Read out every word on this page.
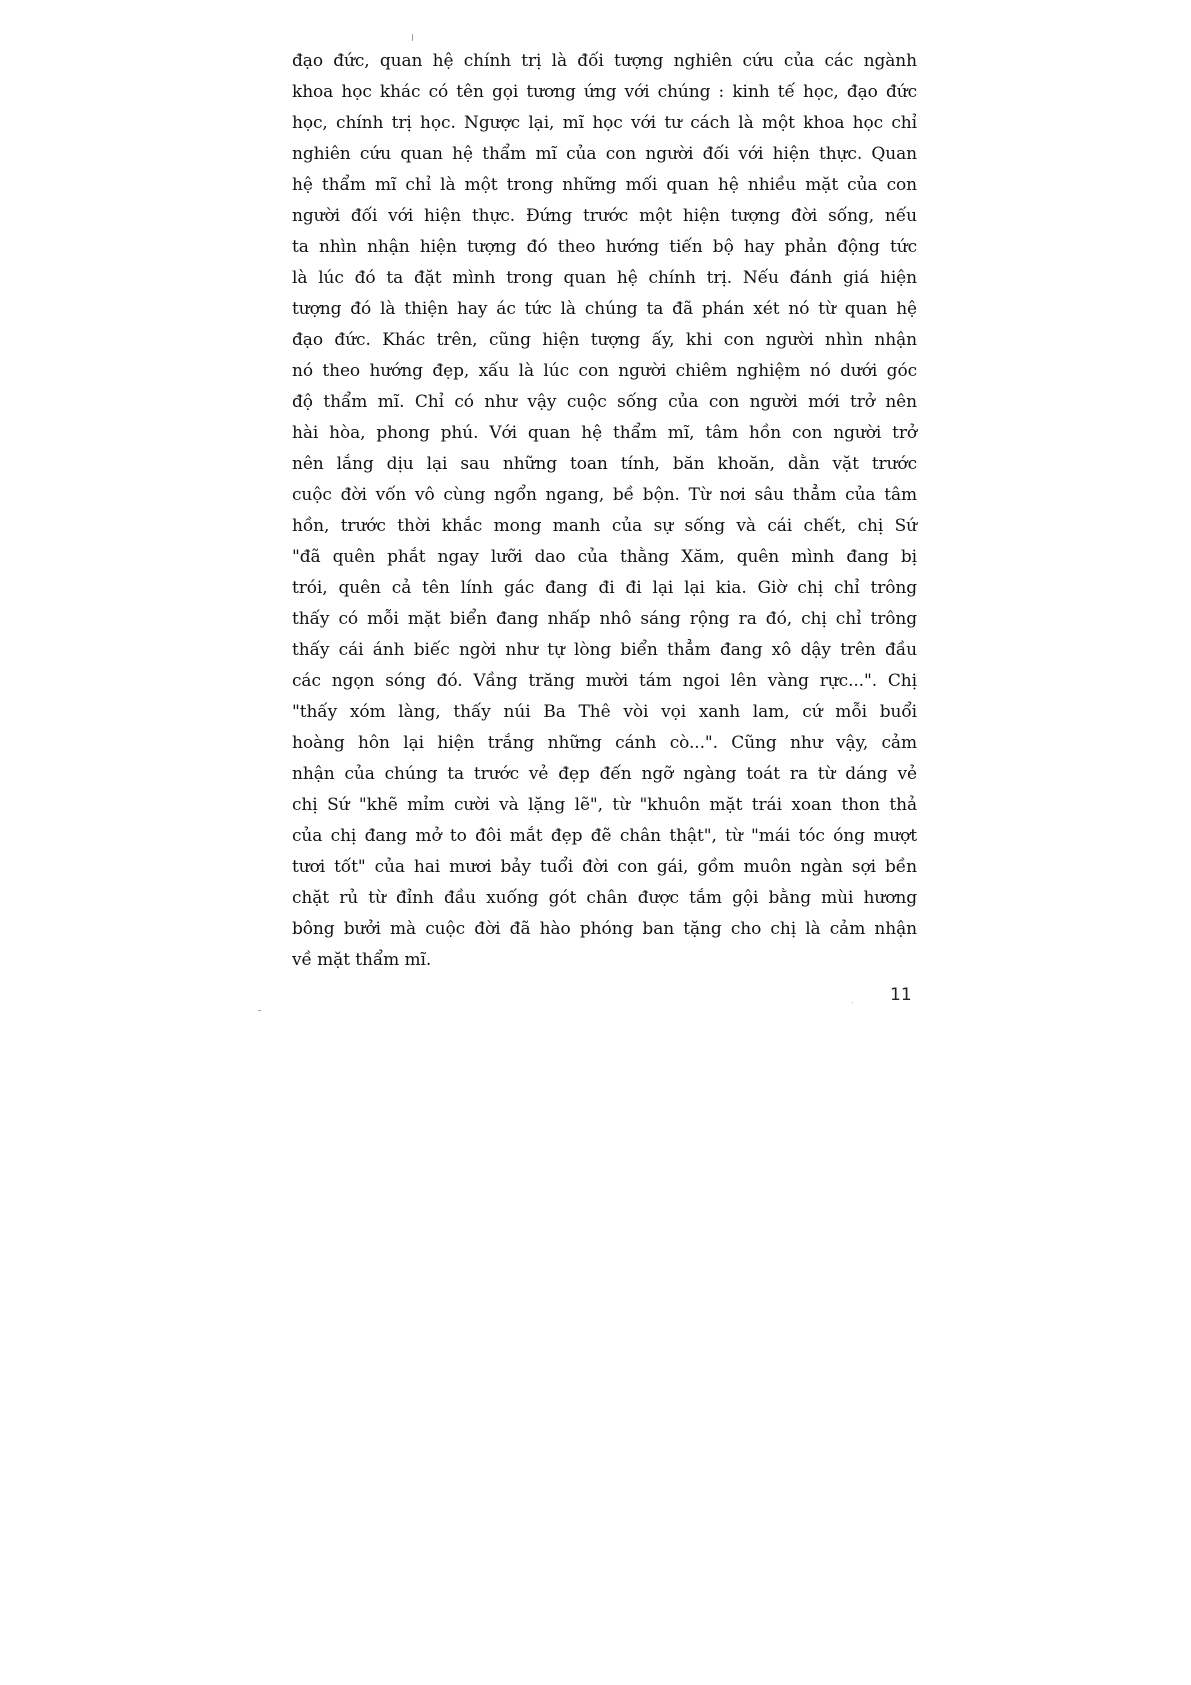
đạo đức, quan hệ chính trị là đối tượng nghiên cứu của các ngành
khoa học khác có tên gọi tương ứng với chúng : kinh tế học, đạo đức
học, chính trị học. Ngược lại, mĩ học với tư cách là một khoa học chỉ
nghiên cứu quan hệ thẩm mĩ của con người đối với hiện thực. Quan
hệ thẩm mĩ chỉ là một trong những mối quan hệ nhiều mặt của con
người đối với hiện thực. Đứng trước một hiện tượng đời sống, nếu
ta nhìn nhận hiện tượng đó theo hướng tiến bộ hay phản động tức
là lúc đó ta đặt mình trong quan hệ chính trị. Nếu đánh giá hiện
tượng đó là thiện hay ác tức là chúng ta đã phán xét nó từ quan hệ
đạo đức. Khác trên, cũng hiện tượng ấy, khi con người nhìn nhận
nó theo hướng đẹp, xấu là lúc con người chiêm nghiệm nó dưới góc
độ thẩm mĩ. Chỉ có như vậy cuộc sống của con người mới trở nên
hài hòa, phong phú. Với quan hệ thẩm mĩ, tâm hồn con người trở
nên lắng dịu lại sau những toan tính, băn khoăn, dằn vặt trước
cuộc đời vốn vô cùng ngổn ngang, bề bộn. Từ nơi sâu thẳm của tâm
hồn, trước thời khắc mong manh của sự sống và cái chết, chị Sứ
"đã quên phắt ngay lưỡi dao của thằng Xăm, quên mình đang bị
trói, quên cả tên lính gác đang đi đi lại lại kia. Giờ chị chỉ trông
thấy có mỗi mặt biển đang nhấp nhô sáng rộng ra đó, chị chỉ trông
thấy cái ánh biếc ngời như tự lòng biển thẳm đang xô dậy trên đầu
các ngọn sóng đó. Vầng trăng mười tám ngoi lên vàng rực...". Chị
"thấy xóm làng, thấy núi Ba Thê vòi vọi xanh lam, cứ mỗi buổi
hoàng hôn lại hiện trắng những cánh cò...". Cũng như vậy, cảm
nhận của chúng ta trước vẻ đẹp đến ngỡ ngàng toát ra từ dáng vẻ
chị Sứ "khẽ mỉm cười và lặng lẽ", từ "khuôn mặt trái xoan thon thả
của chị đang mở to đôi mắt đẹp đẽ chân thật", từ "mái tóc óng mượt
tươi tốt" của hai mươi bảy tuổi đời con gái, gồm muôn ngàn sợi bền
chặt rủ từ đỉnh đầu xuống gót chân được tắm gội bằng mùi hương
bông bưởi mà cuộc đời đã hào phóng ban tặng cho chị là cảm nhận
về mặt thẩm mĩ.
11
